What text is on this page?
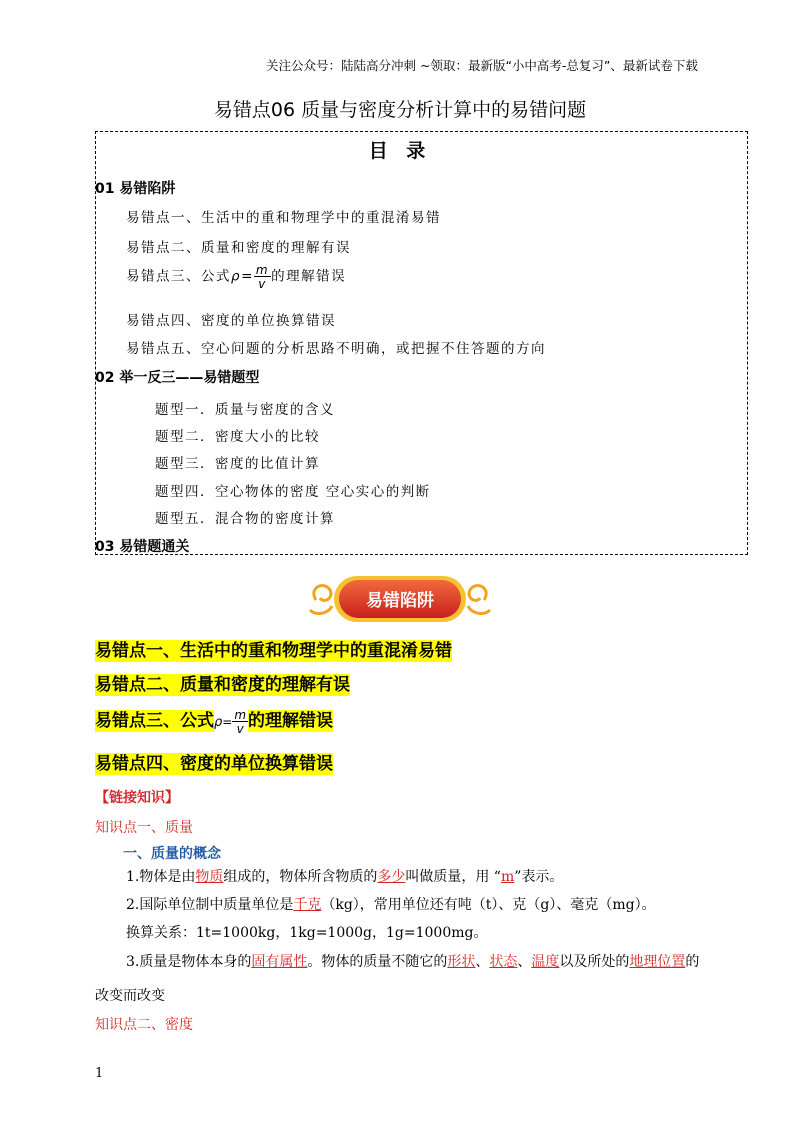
关注公众号：陆陆高分冲刺 ~领取：最新版“小中高考-总复习”、最新试卷下载
易错点06 质量与密度分析计算中的易错问题
目 录
01 易错陷阱
易错点一、生活中的重和物理学中的重混淆易错
易错点二、质量和密度的理解有误
易错点三、公式$\rho= \frac{m}{v}$ 的理解错误
易错点四、密度的单位换算错误
易错点五、空心问题的分析思路不明确，或把握不住答题的方向
02 举一反三——易错题型
题型一．质量与密度的含义
题型二．密度大小的比较
题型三．密度的比值计算
题型四．空心物体的密度 空心实心的判断
题型五．混合物的密度计算
03 易错题通关
易错陷阱
易错点一、生活中的重和物理学中的重混淆易错
易错点二、质量和密度的理解有误
易错点三、公式$\rho= \frac{m}{v}$ 的理解错误
易错点四、密度的单位换算错误
【链接知识】
知识点一、质量
一、质量的概念
1.物体是由物质组成的，物体所含物质的多少叫做质量，用 “m”表示。
2.国际单位制中质量单位是千克（kg），常用单位还有吨（t）、克（g）、毫克（mg）。
换算关系：1t=1000kg，1kg=1000g，1g=1000mg。
3.质量是物体本身的固有属性。物体的质量不随它的形状、状态、温度以及所处的地理位置的
改变而改变
知识点二、密度
1
